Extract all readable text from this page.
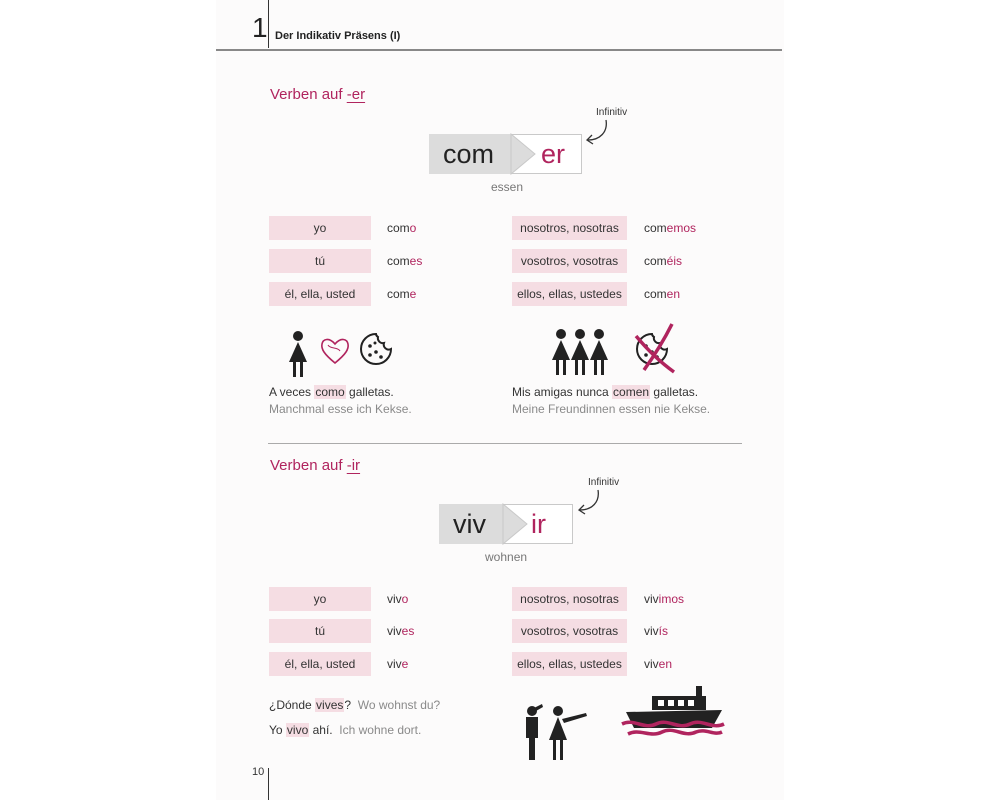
1 Der Indikativ Präsens (I)
Verben auf -er
Infinitiv
com er
essen
yo	como
tú	comes
él, ella, usted	come
nosotros, nosotras	comemos
vosotros, vosotras	coméis
ellos, ellas, ustedes	comen
A veces como galletas.
Manchmal esse ich Kekse.
Mis amigas nunca comen galletas.
Meine Freundinnen essen nie Kekse.
Verben auf -ir
Infinitiv
viv ir
wohnen
yo	vivo
tú	vives
él, ella, usted	vive
nosotros, nosotras	vivimos
vosotros, vosotras	vivís
ellos, ellas, ustedes	viven
¿Dónde vives? Wo wohnst du?
Yo vivo ahí. Ich wohne dort.
10
